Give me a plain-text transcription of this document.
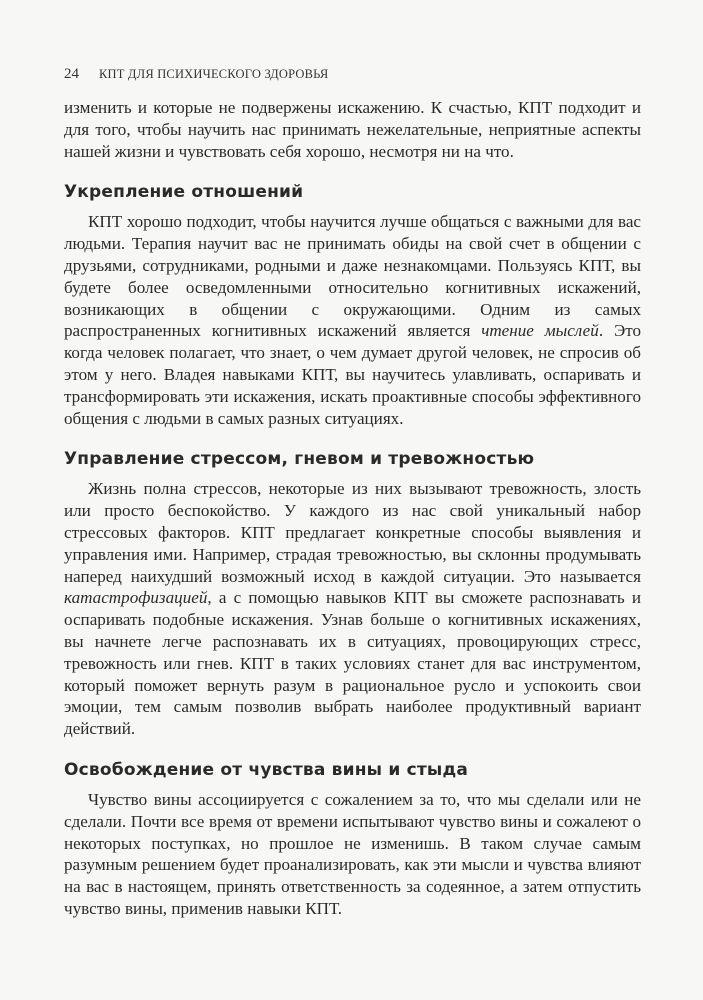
24 КПТ ДЛЯ ПСИХИЧЕСКОГО ЗДОРОВЬЯ

изменить и которые не подвержены искажению. К счастью, КПТ подходит и для того, чтобы научить нас принимать нежелательные, неприятные аспекты нашей жизни и чувствовать себя хорошо, несмотря ни на что.

Укрепление отношений

КПТ хорошо подходит, чтобы научится лучше общаться с важными для вас людьми. Терапия научит вас не принимать обиды на свой счет в общении с друзьями, сотрудниками, родными и даже незнакомцами. Пользуясь КПТ, вы будете более осведомленными относительно когнитивных искажений, возникающих в общении с окружающими. Одним из самых распространенных когнитивных искажений является чтение мыслей. Это когда человек полагает, что знает, о чем думает другой человек, не спросив об этом у него. Владея навыками КПТ, вы научитесь улавливать, оспаривать и трансформировать эти искажения, искать проактивные способы эффективного общения с людьми в самых разных ситуациях.

Управление стрессом, гневом и тревожностью

Жизнь полна стрессов, некоторые из них вызывают тревожность, злость или просто беспокойство. У каждого из нас свой уникальный набор стрессовых факторов. КПТ предлагает конкретные способы выявления и управления ими. Например, страдая тревожностью, вы склонны продумывать наперед наихудший возможный исход в каждой ситуации. Это называется катастрофизацией, а с помощью навыков КПТ вы сможете распознавать и оспаривать подобные искажения. Узнав больше о когнитивных искажениях, вы начнете легче распознавать их в ситуациях, провоцирующих стресс, тревожность или гнев. КПТ в таких условиях станет для вас инструментом, который поможет вернуть разум в рациональное русло и успокоить свои эмоции, тем самым позволив выбрать наиболее продуктивный вариант действий.

Освобождение от чувства вины и стыда

Чувство вины ассоциируется с сожалением за то, что мы сделали или не сделали. Почти все время от времени испытывают чувство вины и сожалеют о некоторых поступках, но прошлое не изменишь. В таком случае самым разумным решением будет проанализировать, как эти мысли и чувства влияют на вас в настоящем, принять ответственность за содеянное, а затем отпустить чувство вины, применив навыки КПТ.
